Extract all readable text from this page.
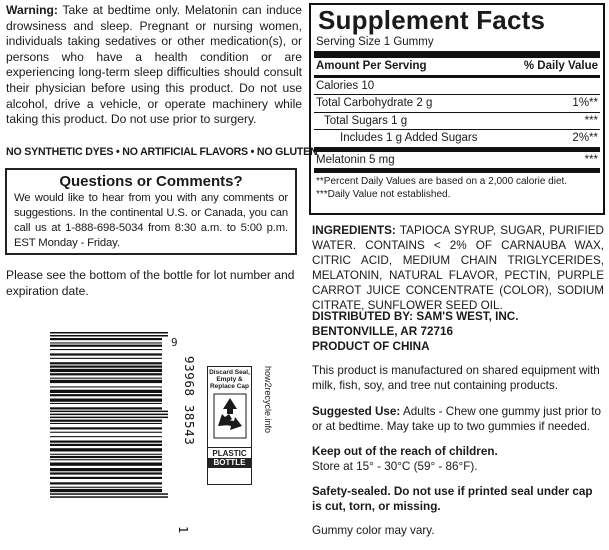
Warning: Take at bedtime only. Melatonin can induce drowsiness and sleep. Pregnant or nursing women, individuals taking sedatives or other medication(s), or persons who have a health condition or are experiencing long-term sleep difficulties should consult their physician before using this product. Do not use alcohol, drive a vehicle, or operate machinery while taking this product. Do not use prior to surgery.
NO SYNTHETIC DYES • NO ARTIFICIAL FLAVORS • NO GLUTEN
Questions or Comments?
We would like to hear from you with any comments or suggestions. In the continental U.S. or Canada, you can call us at 1-888-698-5034 from 8:30 a.m. to 5:00 p.m. EST Monday - Friday.
Please see the bottom of the bottle for lot number and expiration date.
9
93968 38543
1
Discard Seal, Empty & Replace Cap
PLASTIC
BOTTLE
how2recycle.info
Supplement Facts
Serving Size 1 Gummy
Amount Per Serving	% Daily Value
Calories 10
Total Carbohydrate 2 g	1%**
Total Sugars 1 g	***
Includes 1 g Added Sugars	2%**
Melatonin 5 mg	***
**Percent Daily Values are based on a 2,000 calorie diet.
***Daily Value not established.
INGREDIENTS: TAPIOCA SYRUP, SUGAR, PURIFIED WATER. CONTAINS < 2% OF CARNAUBA WAX, CITRIC ACID, MEDIUM CHAIN TRIGLYCERIDES, MELATONIN, NATURAL FLAVOR, PECTIN, PURPLE CARROT JUICE CONCENTRATE (COLOR), SODIUM CITRATE, SUNFLOWER SEED OIL.
DISTRIBUTED BY: SAM'S WEST, INC.
BENTONVILLE, AR 72716
PRODUCT OF CHINA
This product is manufactured on shared equipment with milk, fish, soy, and tree nut containing products.
Suggested Use: Adults - Chew one gummy just prior to or at bedtime. May take up to two gummies if needed.
Keep out of the reach of children.
Store at 15° - 30°C (59° - 86°F).
Safety-sealed. Do not use if printed seal under cap is cut, torn, or missing.
Gummy color may vary.
